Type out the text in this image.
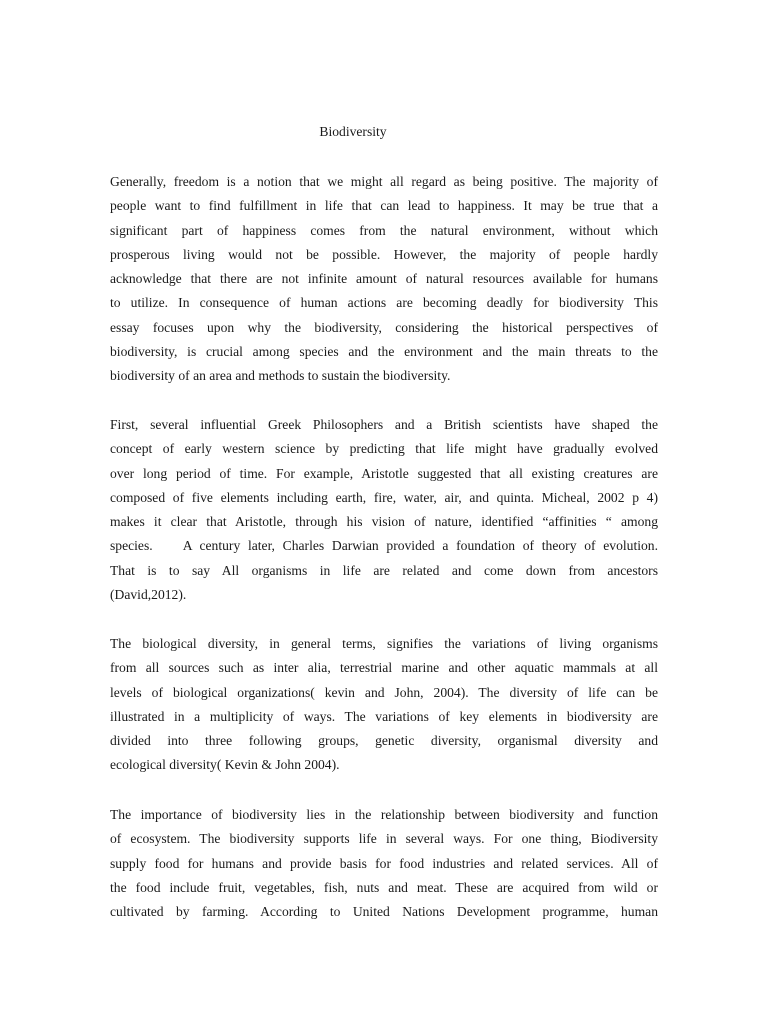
Biodiversity

Generally, freedom is a notion that we might all regard as being positive. The majority of
people want to find fulfillment in life that can lead to happiness. It may be true that a
significant part of happiness comes from the natural environment, without which
prosperous living would not be possible. However, the majority of people hardly
acknowledge that there are not infinite amount of natural resources available for humans
to utilize. In consequence of human actions are becoming deadly for biodiversity This
essay focuses upon why the biodiversity, considering the historical perspectives of
biodiversity, is crucial among species and the environment and the main threats to the
biodiversity of an area and methods to sustain the biodiversity.

First, several influential Greek Philosophers and a British scientists have shaped the
concept of early western science by predicting that life might have gradually evolved
over long period of time. For example, Aristotle suggested that all existing creatures are
composed of five elements including earth, fire, water, air, and quinta. Micheal, 2002 p 4)
makes it clear that Aristotle, through his vision of nature, identified “affinities “ among
species.    A century later, Charles Darwian provided a foundation of theory of evolution.
That is to say All organisms in life are related and come down from ancestors
(David,2012).

The biological diversity, in general terms, signifies the variations of living organisms
from all sources such as inter alia, terrestrial marine and other aquatic mammals at all
levels of biological organizations( kevin and John, 2004). The diversity of life can be
illustrated in a multiplicity of ways. The variations of key elements in biodiversity are
divided into three following groups, genetic diversity, organismal diversity and
ecological diversity( Kevin & John 2004).

The importance of biodiversity lies in the relationship between biodiversity and function
of ecosystem. The biodiversity supports life in several ways. For one thing, Biodiversity
supply food for humans and provide basis for food industries and related services. All of
the food include fruit, vegetables, fish, nuts and meat. These are acquired from wild or
cultivated by farming. According to United Nations Development programme, human
